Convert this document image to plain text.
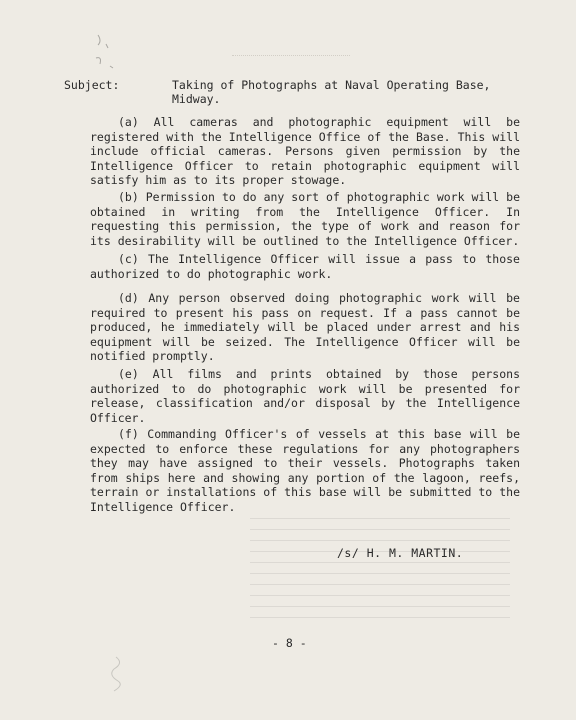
Subject:	Taking of Photographs at Naval Operating Base, Midway.
(a) All cameras and photographic equipment will be registered with the Intelligence Office of the Base. This will include official cameras. Persons given permission by the Intelligence Officer to retain photographic equipment will satisfy him as to its proper stowage.
(b) Permission to do any sort of photographic work will be obtained in writing from the Intelligence Officer. In requesting this permission, the type of work and reason for its desirability will be outlined to the Intelligence Officer.
(c) The Intelligence Officer will issue a pass to those authorized to do photographic work.
(d) Any person observed doing photographic work will be required to present his pass on request. If a pass cannot be produced, he immediately will be placed under arrest and his equipment will be seized. The Intelligence Officer will be notified promptly.
(e) All films and prints obtained by those persons authorized to do photographic work will be presented for release, classification and/or disposal by the Intelligence Officer.
(f) Commanding Officer's of vessels at this base will be expected to enforce these regulations for any photographers they may have assigned to their vessels. Photographs taken from ships here and showing any portion of the lagoon, reefs, terrain or installations of this base will be submitted to the Intelligence Officer.
/s/ H. M. MARTIN.
- 8 -
